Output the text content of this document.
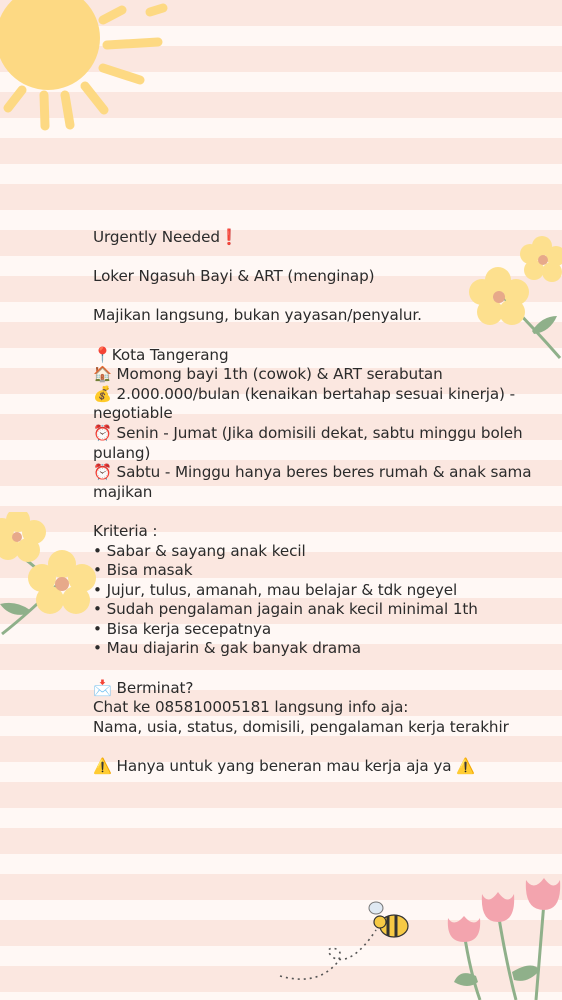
Urgently Needed❗

Loker Ngasuh Bayi & ART (menginap)

Majikan langsung, bukan yayasan/penyalur.

📍Kota Tangerang

🏠 Momong bayi 1th (cowok) & ART serabutan

💰 2.000.000/bulan (kenaikan bertahap sesuai kinerja) - negotiable

⏰ Senin - Jumat (Jika domisili dekat, sabtu minggu boleh pulang)

⏰ Sabtu - Minggu hanya beres beres rumah & anak sama majikan

Kriteria :

• Sabar & sayang anak kecil

• Bisa masak

• Jujur, tulus, amanah, mau belajar & tdk ngeyel

• Sudah pengalaman jagain anak kecil minimal 1th

• Bisa kerja secepatnya

• Mau diajarin & gak banyak drama

📩 Berminat?

Chat ke 085810005181 langsung info aja:

Nama, usia, status, domisili, pengalaman kerja terakhir

⚠️ Hanya untuk yang beneran mau kerja aja ya ⚠️
